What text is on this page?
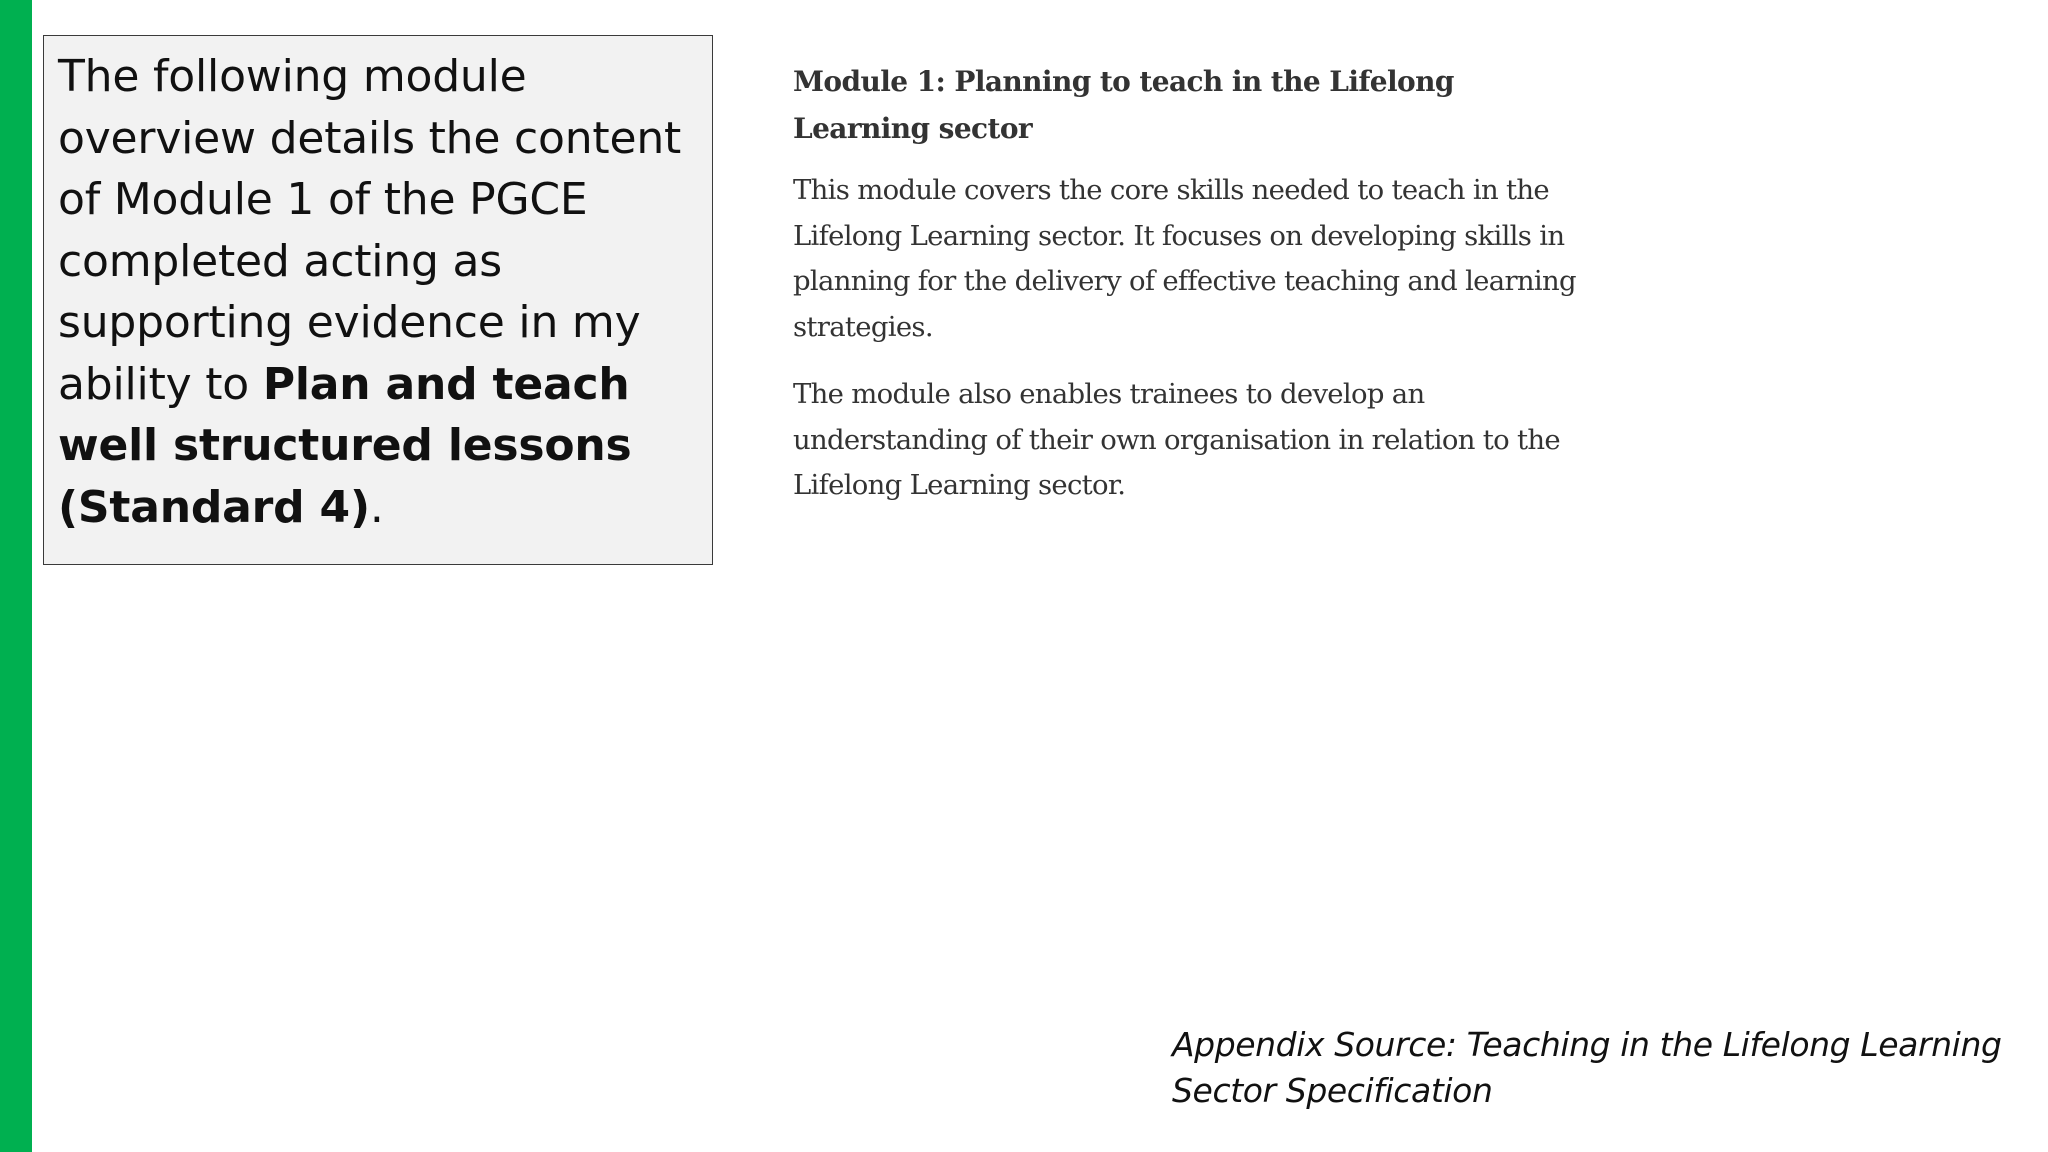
The following module overview details the content of Module 1 of the PGCE completed acting as supporting evidence in my ability to Plan and teach well structured lessons (Standard 4).

Module 1: Planning to teach in the Lifelong Learning sector

This module covers the core skills needed to teach in the Lifelong Learning sector. It focuses on developing skills in planning for the delivery of effective teaching and learning strategies.

The module also enables trainees to develop an understanding of their own organisation in relation to the Lifelong Learning sector.

Appendix Source: Teaching in the Lifelong Learning Sector Specification
